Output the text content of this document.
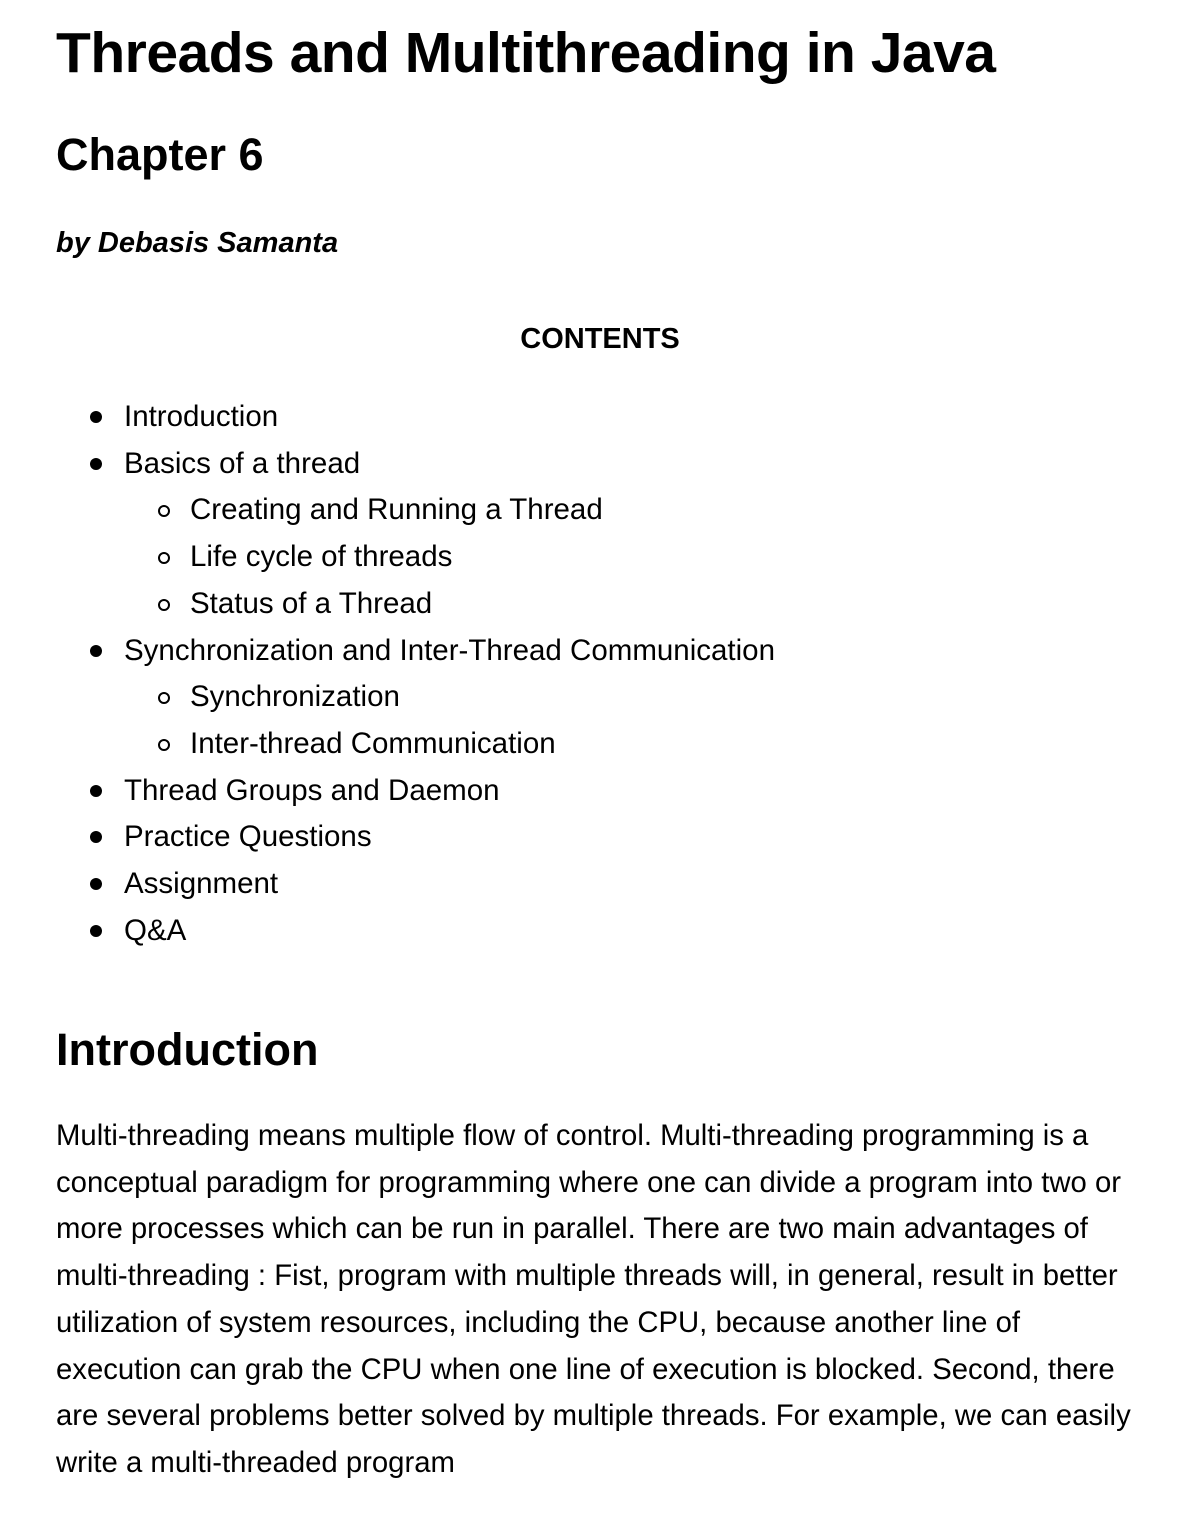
Threads and Multithreading in Java
Chapter 6
by Debasis Samanta
CONTENTS
Introduction
Basics of a thread
Creating and Running a Thread
Life cycle of threads
Status of a Thread
Synchronization and Inter-Thread Communication
Synchronization
Inter-thread Communication
Thread Groups and Daemon
Practice Questions
Assignment
Q&A
Introduction

Multi-threading means multiple flow of control. Multi-threading programming is a conceptual paradigm for programming where one can divide a program into two or more processes which can be run in parallel. There are two main advantages of multi-threading : Fist, program with multiple threads will, in general, result in better utilization of system resources, including the CPU, because another line of execution can grab the CPU when one line of execution is blocked. Second, there are several problems better solved by multiple threads. For example, we can easily write a multi-threaded program
